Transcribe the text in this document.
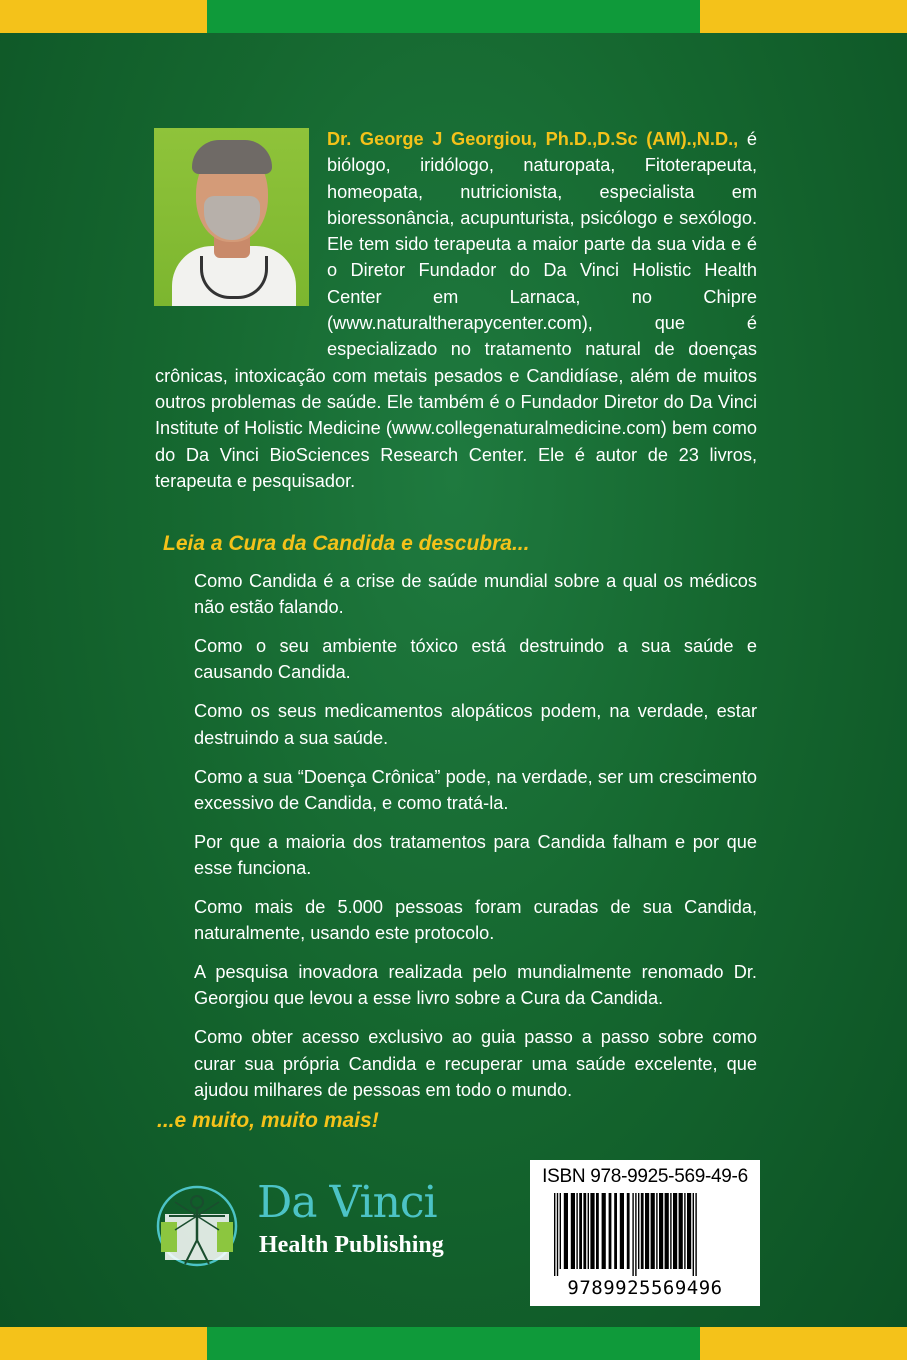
Dr. George J Georgiou, Ph.D.,D.Sc (AM).,N.D., é biólogo, iridólogo, naturopata, Fitoterapeuta, homeopata, nutricionista, especialista em bioressonância, acupunturista, psicólogo e sexólogo. Ele tem sido terapeuta a maior parte da sua vida e é o Diretor Fundador do Da Vinci Holistic Health Center em Larnaca, no Chipre (www.naturaltherapycenter.com), que é especializado no tratamento natural de doenças crônicas, intoxicação com metais pesados e Candidíase, além de muitos outros problemas de saúde. Ele também é o Fundador Diretor do Da Vinci Institute of Holistic Medicine (www.collegenaturalmedicine.com) bem como do Da Vinci BioSciences Research Center. Ele é autor de 23 livros, terapeuta e pesquisador.
Leia a Cura da Candida e descubra...

Como Candida é a crise de saúde mundial sobre a qual os médicos não estão falando.

Como o seu ambiente tóxico está destruindo a sua saúde e causando Candida.

Como os seus medicamentos alopáticos podem, na verdade, estar destruindo a sua saúde.

Como a sua “Doença Crônica” pode, na verdade, ser um crescimento excessivo de Candida, e como tratá-la.

Por que a maioria dos tratamentos para Candida falham e por que esse funciona.

Como mais de 5.000 pessoas foram curadas de sua Candida, naturalmente, usando este protocolo.

A pesquisa inovadora realizada pelo mundialmente renomado Dr. Georgiou que levou a esse livro sobre a Cura da Candida.

Como obter acesso exclusivo ao guia passo a passo sobre como curar sua própria Candida e recuperar uma saúde excelente, que ajudou milhares de pessoas em todo o mundo.

...e muito, muito mais!
Da Vinci
Health Publishing
ISBN 978-9925-569-49-6
9789925569496
